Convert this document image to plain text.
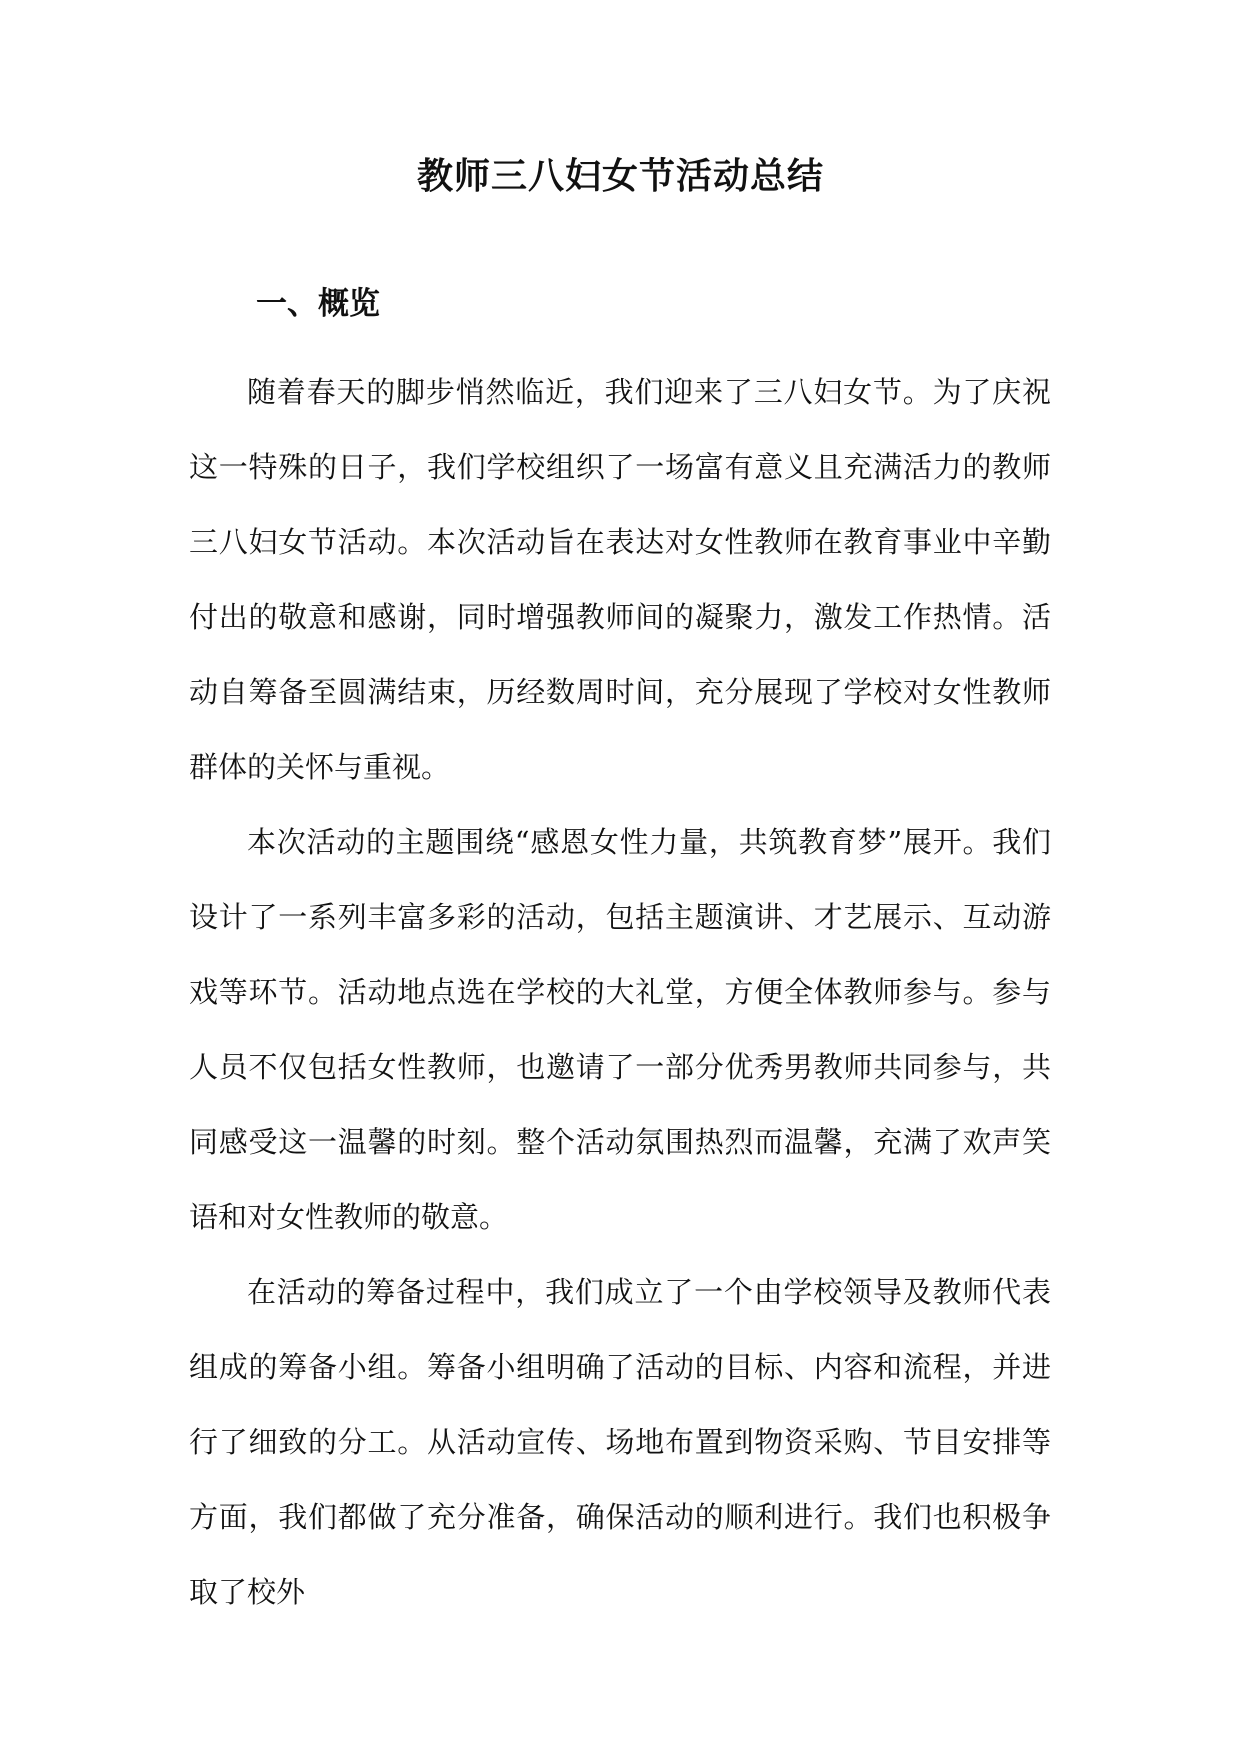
教师三八妇女节活动总结
一、概览

随着春天的脚步悄然临近，我们迎来了三八妇女节。为了庆祝这一特殊的日子，我们学校组织了一场富有意义且充满活力的教师三八妇女节活动。本次活动旨在表达对女性教师在教育事业中辛勤付出的敬意和感谢，同时增强教师间的凝聚力，激发工作热情。活动自筹备至圆满结束，历经数周时间，充分展现了学校对女性教师群体的关怀与重视。

本次活动的主题围绕“感恩女性力量，共筑教育梦”展开。我们设计了一系列丰富多彩的活动，包括主题演讲、才艺展示、互动游戏等环节。活动地点选在学校的大礼堂，方便全体教师参与。参与人员不仅包括女性教师，也邀请了一部分优秀男教师共同参与，共同感受这一温馨的时刻。整个活动氛围热烈而温馨，充满了欢声笑语和对女性教师的敬意。

在活动的筹备过程中，我们成立了一个由学校领导及教师代表组成的筹备小组。筹备小组明确了活动的目标、内容和流程，并进行了细致的分工。从活动宣传、场地布置到物资采购、节目安排等方面，我们都做了充分准备，确保活动的顺利进行。我们也积极争取了校外
